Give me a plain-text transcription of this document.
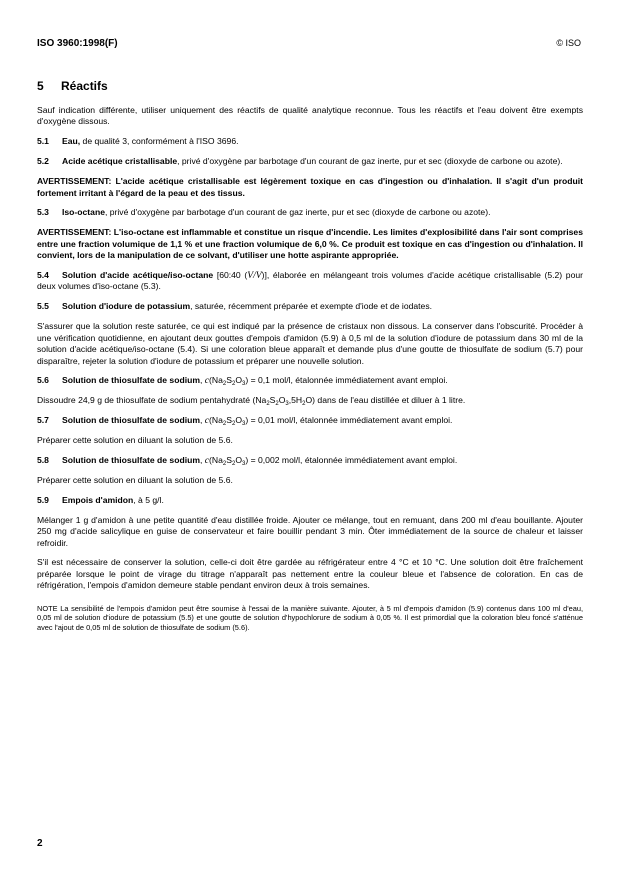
ISO 3960:1998(F)	© ISO
5 Réactifs

Sauf indication différente, utiliser uniquement des réactifs de qualité analytique reconnue. Tous les réactifs et l'eau doivent être exempts d'oxygène dissous.

5.1 Eau, de qualité 3, conformément à l'ISO 3696.

5.2 Acide acétique cristallisable, privé d'oxygène par barbotage d'un courant de gaz inerte, pur et sec (dioxyde de carbone ou azote).

AVERTISSEMENT: L'acide acétique cristallisable est légèrement toxique en cas d'ingestion ou d'inhalation. Il s'agit d'un produit fortement irritant à l'égard de la peau et des tissus.

5.3 Iso-octane, privé d'oxygène par barbotage d'un courant de gaz inerte, pur et sec (dioxyde de carbone ou azote).

AVERTISSEMENT: L'iso-octane est inflammable et constitue un risque d'incendie. Les limites d'explosibilité dans l'air sont comprises entre une fraction volumique de 1,1 % et une fraction volumique de 6,0 %. Ce produit est toxique en cas d'ingestion ou d'inhalation. Il convient, lors de la manipulation de ce solvant, d'utiliser une hotte aspirante appropriée.

5.4 Solution d'acide acétique/iso-octane [60:40 (V/V)], élaborée en mélangeant trois volumes d'acide acétique cristallisable (5.2) pour deux volumes d'iso-octane (5.3).

5.5 Solution d'iodure de potassium, saturée, récemment préparée et exempte d'iode et de iodates.

S'assurer que la solution reste saturée, ce qui est indiqué par la présence de cristaux non dissous. La conserver dans l'obscurité. Procéder à une vérification quotidienne, en ajoutant deux gouttes d'empois d'amidon (5.9) à 0,5 ml de la solution d'iodure de potassium dans 30 ml de la solution d'acide acétique/iso-octane (5.4). Si une coloration bleue apparaît et demande plus d'une goutte de thiosulfate de sodium (5.7) pour disparaître, rejeter la solution d'iodure de potassium et préparer une nouvelle solution.

5.6 Solution de thiosulfate de sodium, $c(Na_2S_2O_3) = 0,1$ mol/l, étalonnée immédiatement avant emploi.

Dissoudre 24,9 g de thiosulfate de sodium pentahydraté $(Na_2S_2O_3,5H_2O)$ dans de l'eau distillée et diluer à 1 litre.

5.7 Solution de thiosulfate de sodium, $c(Na_2S_2O_3) = 0,01$ mol/l, étalonnée immédiatement avant emploi.

Préparer cette solution en diluant la solution de 5.6.

5.8 Solution de thiosulfate de sodium, $c(Na_2S_2O_3) = 0,002$ mol/l, étalonnée immédiatement avant emploi.

Préparer cette solution en diluant la solution de 5.6.

5.9 Empois d'amidon, à 5 g/l.

Mélanger 1 g d'amidon à une petite quantité d'eau distillée froide. Ajouter ce mélange, tout en remuant, dans 200 ml d'eau bouillante. Ajouter 250 mg d'acide salicylique en guise de conservateur et faire bouillir pendant 3 min. Ôter immédiatement de la source de chaleur et laisser refroidir.

S'il est nécessaire de conserver la solution, celle-ci doit être gardée au réfrigérateur entre 4 °C et 10 °C. Une solution doit être fraîchement préparée lorsque le point de virage du titrage n'apparaît pas nettement entre la couleur bleue et l'absence de coloration. En cas de réfrigération, l'empois d'amidon demeure stable pendant environ deux à trois semaines.

NOTE La sensibilité de l'empois d'amidon peut être soumise à l'essai de la manière suivante. Ajouter, à 5 ml d'empois d'amidon (5.9) contenus dans 100 ml d'eau, 0,05 ml de solution d'iodure de potassium (5.5) et une goutte de solution d'hypochlorure de sodium à 0,05 %. Il est primordial que la coloration bleu foncé s'atténue avec l'ajout de 0,05 ml de solution de thiosulfate de sodium (5.6).

2
